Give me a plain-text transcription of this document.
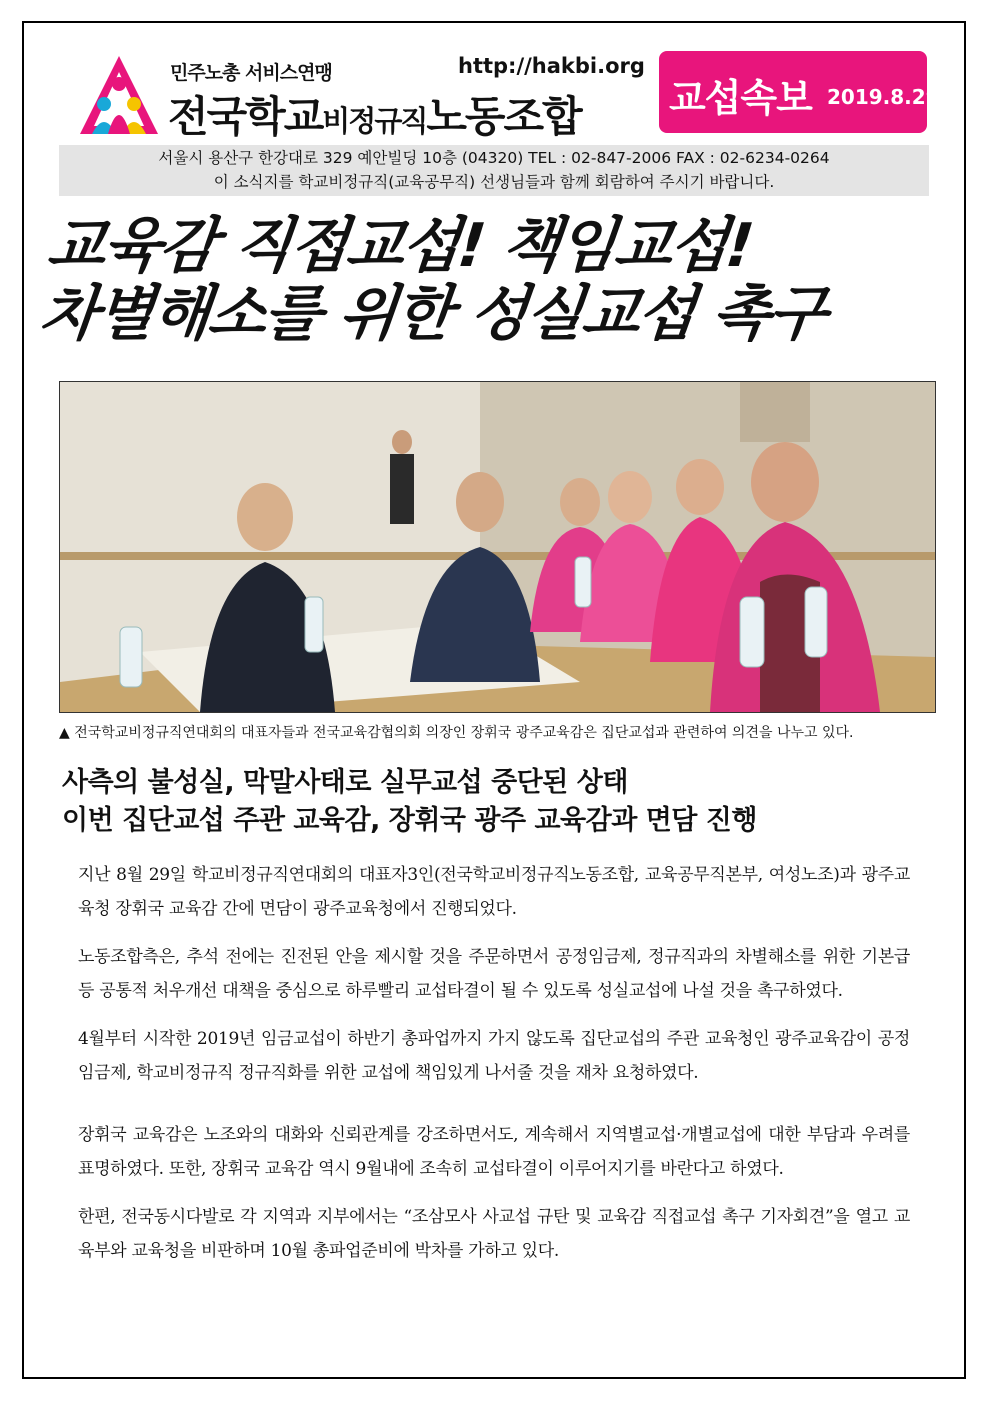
민주노총 서비스연맹	http://hakbi.org
전국학교비정규직노동조합 교섭속보 2019.8.29
서울시 용산구 한강대로 329 예안빌딩 10층 (04320) TEL : 02-847-2006 FAX : 02-6234-0264
이 소식지를 학교비정규직(교육공무직) 선생님들과 함께 회람하여 주시기 바랍니다.
교육감 직접교섭! 책임교섭!
차별해소를 위한 성실교섭 촉구
▲ 전국학교비정규직연대회의 대표자들과 전국교육감협의회 의장인 장휘국 광주교육감은 집단교섭과 관련하여 의견을 나누고 있다.
사측의 불성실, 막말사태로 실무교섭 중단된 상태
이번 집단교섭 주관 교육감, 장휘국 광주 교육감과 면담 진행

지난 8월 29일 학교비정규직연대회의 대표자3인(전국학교비정규직노동조합, 교육공무직본부, 여성노조)과 광주교육청 장휘국 교육감 간에 면담이 광주교육청에서 진행되었다.

노동조합측은, 추석 전에는 진전된 안을 제시할 것을 주문하면서 공정임금제, 정규직과의 차별해소를 위한 기본급 등 공통적 처우개선 대책을 중심으로 하루빨리 교섭타결이 될 수 있도록 성실교섭에 나설 것을 촉구하였다.

4월부터 시작한 2019년 임금교섭이 하반기 총파업까지 가지 않도록 집단교섭의 주관 교육청인 광주교육감이 공정임금제, 학교비정규직 정규직화를 위한 교섭에 책임있게 나서줄 것을 재차 요청하였다.

장휘국 교육감은 노조와의 대화와 신뢰관계를 강조하면서도, 계속해서 지역별교섭·개별교섭에 대한 부담과 우려를 표명하였다. 또한, 장휘국 교육감 역시 9월내에 조속히 교섭타결이 이루어지기를 바란다고 하였다.

한편, 전국동시다발로 각 지역과 지부에서는 “조삼모사 사교섭 규탄 및 교육감 직접교섭 촉구 기자회견”을 열고 교육부와 교육청을 비판하며 10월 총파업준비에 박차를 가하고 있다.
